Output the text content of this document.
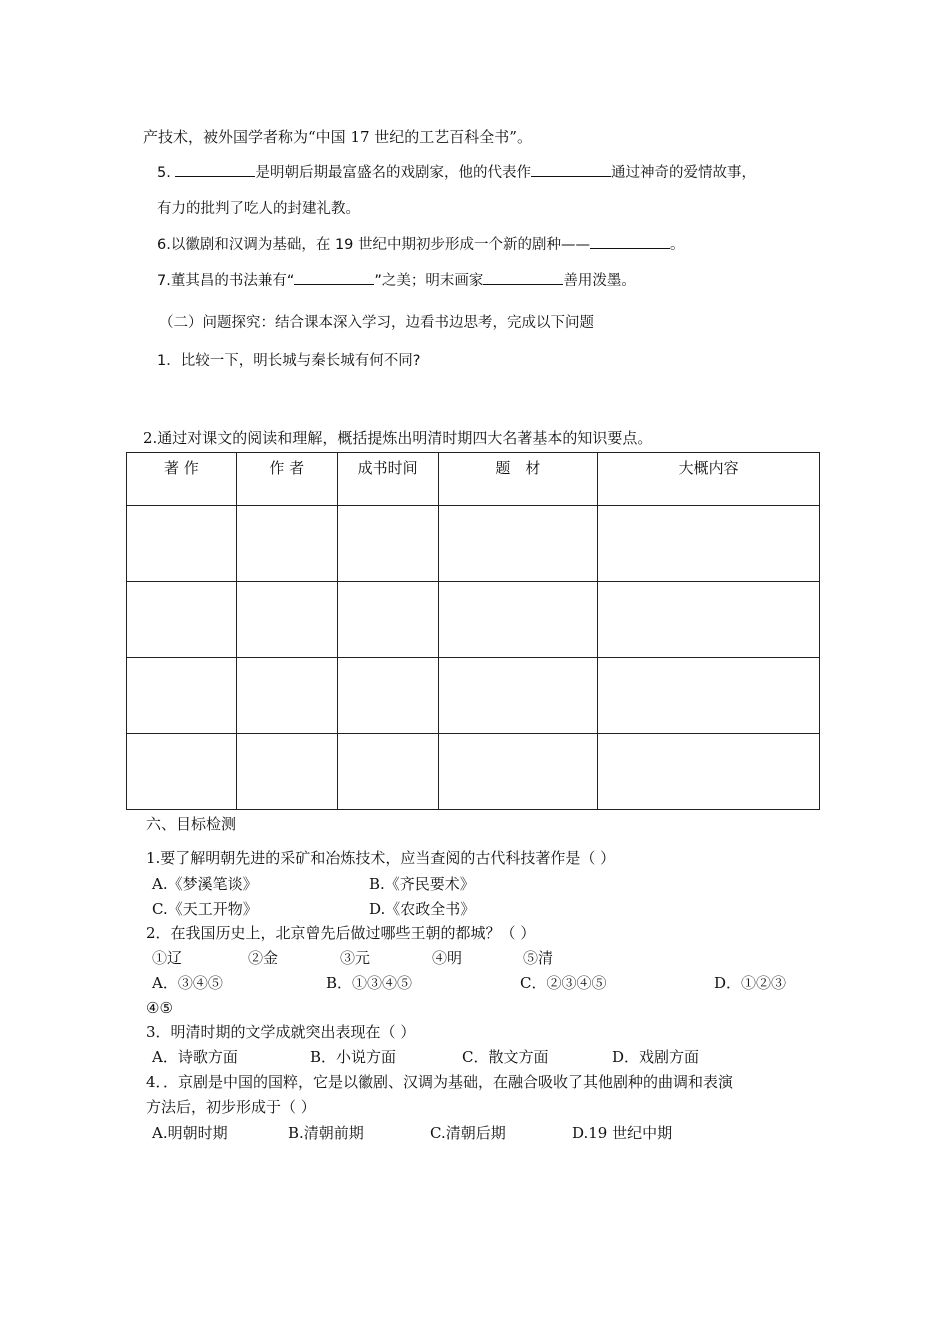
产技术，被外国学者称为“中国 17 世纪的工艺百科全书”。
5.	是明朝后期最富盛名的戏剧家，他的代表作	通过神奇的爱情故事，
有力的批判了吃人的封建礼教。
6.以徽剧和汉调为基础，在 19 世纪中期初步形成一个新的剧种——	。
7.董其昌的书法兼有“	”之美；明末画家	善用泼墨。
（二）问题探究：结合课本深入学习，边看书边思考，完成以下问题
1．比较一下，明长城与秦长城有何不同?
2.通过对课文的阅读和理解，概括提炼出明清时期四大名著基本的知识要点。
著 作	作 者	成书时间	题　材	大概内容

六、目标检测
1.要了解明朝先进的采矿和冶炼技术，应当查阅的古代科技著作是（ ）
A.《梦溪笔谈》	B.《齐民要术》
C.《天工开物》	D.《农政全书》
2．在我国历史上，北京曾先后做过哪些王朝的都城？（ ）
①辽	②金	③元	④明	⑤清
A．③④⑤	B．①③④⑤	C．②③④⑤	D．①②③
④⑤
3．明清时期的文学成就突出表现在（ ）
A．诗歌方面	B．小说方面	C．散文方面	D．戏剧方面
4．．京剧是中国的国粹，它是以徽剧、汉调为基础，在融合吸收了其他剧种的曲调和表演
方法后，初步形成于（ ）
A.明朝时期	B.清朝前期	C.清朝后期	D.19 世纪中期
